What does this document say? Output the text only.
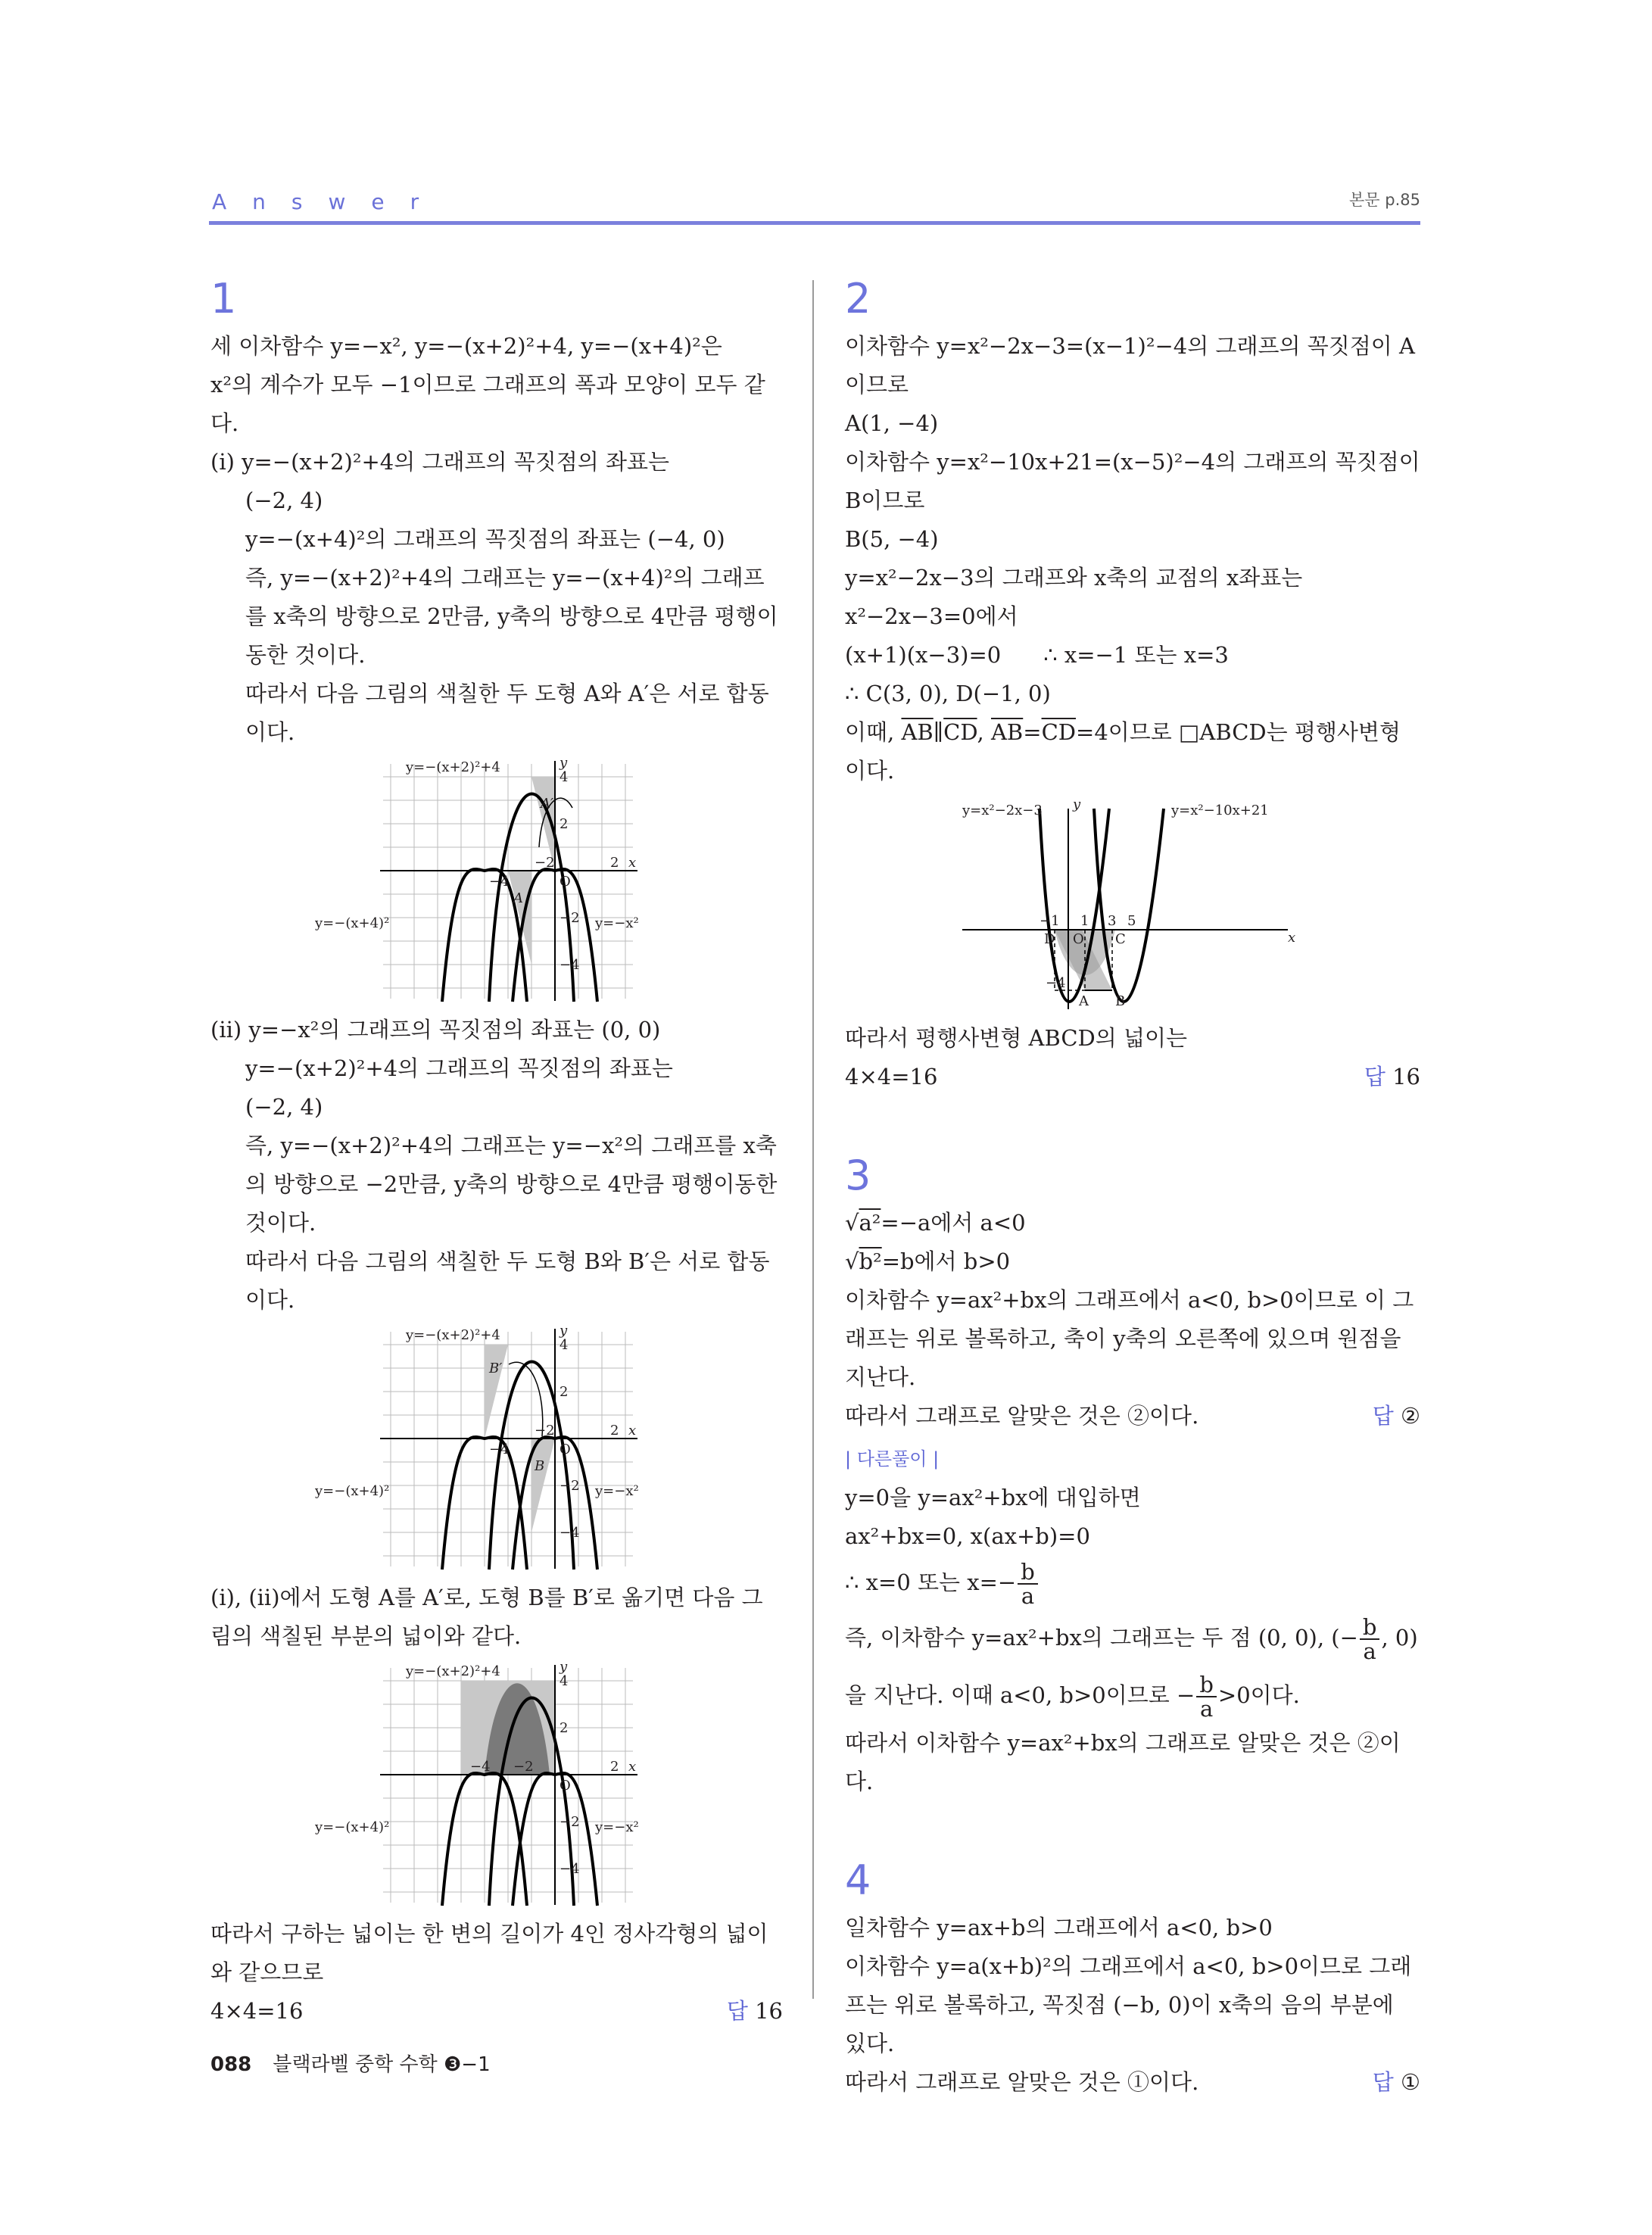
Answer	본문 p.85
1

세 이차함수 y=−x², y=−(x+2)²+4, y=−(x+4)²은

x²의 계수가 모두 −1이므로 그래프의 폭과 모양이 모두 같다.

(ⅰ) y=−(x+2)²+4의 그래프의 꼭짓점의 좌표는

(−2, 4)

y=−(x+4)²의 그래프의 꼭짓점의 좌표는 (−4, 0)

즉, y=−(x+2)²+4의 그래프는 y=−(x+4)²의 그래프를 x축의 방향으로 2만큼, y축의 방향으로 4만큼 평행이동한 것이다.

따라서 다음 그림의 색칠한 두 도형 A와 A′은 서로 합동이다.

y=−(x+2)²+4
y=−(x+4)²	y=−x²
y
x
O
−4
−2	2
4
2
−2
−4
A
A′

(ⅱ) y=−x²의 그래프의 꼭짓점의 좌표는 (0, 0)

y=−(x+2)²+4의 그래프의 꼭짓점의 좌표는

(−2, 4)

즉, y=−(x+2)²+4의 그래프는 y=−x²의 그래프를 x축의 방향으로 −2만큼, y축의 방향으로 4만큼 평행이동한 것이다.

따라서 다음 그림의 색칠한 두 도형 B와 B′은 서로 합동이다.

y=−(x+2)²+4
y=−(x+4)²	y=−x²
y
x
O
−4
−2	2
4
2
−2
−4
B
B′

(ⅰ), (ⅱ)에서 도형 A를 A′로, 도형 B를 B′로 옮기면 다음 그림의 색칠된 부분의 넓이와 같다.

y=−(x+2)²+4
y=−(x+4)²	y=−x²
y
x
O
−4 −2	2
4
2
−2
−4

따라서 구하는 넓이는 한 변의 길이가 4인 정사각형의 넓이와 같으므로

4×4=16	답 16

2

이차함수 y=x²−2x−3=(x−1)²−4의 그래프의 꼭짓점이 A이므로

A(1, −4)

이차함수 y=x²−10x+21=(x−5)²−4의 그래프의 꼭짓점이 B이므로

B(5, −4)

y=x²−2x−3의 그래프와 x축의 교점의 x좌표는

x²−2x−3=0에서

(x+1)(x−3)=0 ∴ x=−1 또는 x=3

∴ C(3, 0), D(−1, 0)

이때, $\overline{AB}\parallel\overline{CD}$, $\overline{AB}=\overline{CD}=4$이므로 □ABCD는 평행사변형이다.

y=x²−2x−3	y=x²−10x+21
y
x
O
−1 1 3 5
−4
D	C
A B

따라서 평행사변형 ABCD의 넓이는

4×4=16	답 16

3

√a²=−a에서 a<0

√b²=b에서 b>0

이차함수 y=ax²+bx의 그래프에서 a<0, b>0이므로 이 그래프는 위로 볼록하고, 축이 y축의 오른쪽에 있으며 원점을 지난다.

따라서 그래프로 알맞은 것은 ②이다.	답 ②

| 다른풀이 |

y=0을 y=ax²+bx에 대입하면

ax²+bx=0, x(ax+b)=0

∴ x=0 또는 $x=- \frac{b}{a}$

즉, 이차함수 y=ax²+bx의 그래프는 두 점 (0, 0), (− $\frac{b}{a}$ , 0)

을 지난다. 이때 a<0, b>0이므로 − $\frac{b}{a} >0$이다.

따라서 이차함수 y=ax²+bx의 그래프로 알맞은 것은 ②이다.

4

일차함수 y=ax+b의 그래프에서 a<0, b>0

이차함수 y=a(x+b)²의 그래프에서 a<0, b>0이므로 그래프는 위로 볼록하고, 꼭짓점 (−b, 0)이 x축의 음의 부분에 있다.

따라서 그래프로 알맞은 것은 ①이다.	답 ①

088 블랙라벨 중학 수학 ❸−1
